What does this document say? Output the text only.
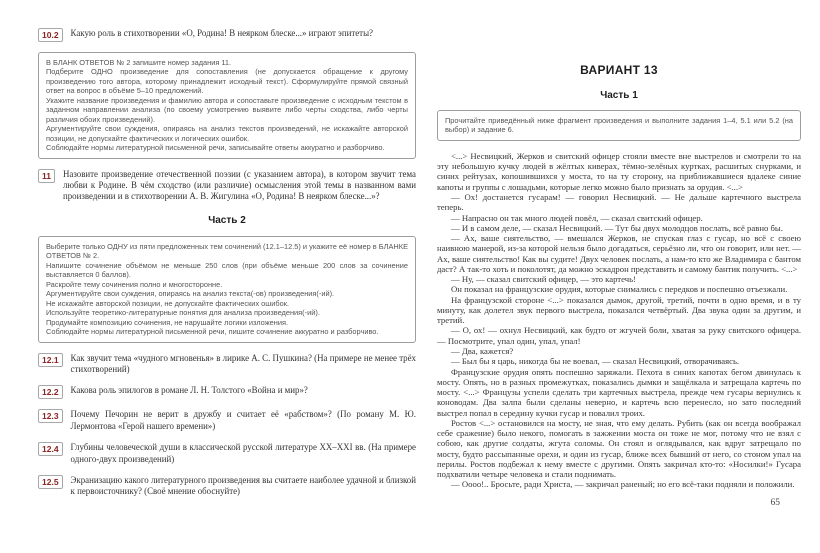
10.2	Какую роль в стихотворении «О, Родина! В неярком блеске...» играют эпитеты?

В БЛАНК ОТВЕТОВ № 2 запишите номер задания 11.

Подберите ОДНО произведение для сопоставления (не допускается обращение к другому произведению того автора, которому принадлежит исходный текст). Сформулируйте прямой связный ответ на вопрос в объёме 5–10 предложений.

Укажите название произведения и фамилию автора и сопоставьте произведение с исходным текстом в заданном направлении анализа (по своему усмотрению выявите либо черты сходства, либо черты различия обоих произведений).

Аргументируйте свои суждения, опираясь на анализ текстов произведений, не искажайте авторской позиции, не допускайте фактических и логических ошибок.

Соблюдайте нормы литературной письменной речи, записывайте ответы аккуратно и разборчиво.

11	Назовите произведение отечественной поэзии (с указанием автора), в котором звучит тема любви к Родине. В чём сходство (или различие) осмысления этой темы в названном вами произведении и в стихотворении А. В. Жигулина «О, Родина! В неярком блеске...»?

Часть 2

Выберите только ОДНУ из пяти предложенных тем сочинений (12.1–12.5) и укажите её номер в БЛАНКЕ ОТВЕТОВ № 2.

Напишите сочинение объёмом не меньше 250 слов (при объёме меньше 200 слов за сочинение выставляется 0 баллов).

Раскройте тему сочинения полно и многосторонне.

Аргументируйте свои суждения, опираясь на анализ текста(-ов) произведения(-ий).

Не искажайте авторской позиции, не допускайте фактических ошибок.

Используйте теоретико-литературные понятия для анализа произведения(-ий).

Продумайте композицию сочинения, не нарушайте логики изложения.

Соблюдайте нормы литературной письменной речи, пишите сочинение аккуратно и разборчиво.

12.1	Как звучит тема «чудного мгновенья» в лирике А. С. Пушкина? (На примере не менее трёх стихотворений)

12.2	Какова роль эпилогов в романе Л. Н. Толстого «Война и мир»?

12.3	Почему Печорин не верит в дружбу и считает её «рабством»? (По роману М. Ю. Лермонтова «Герой нашего времени»)

12.4	Глубины человеческой души в классической русской литературе XX–XXI вв. (На примере одного-двух произведений)

12.5	Экранизацию какого литературного произведения вы считаете наиболее удачной и близкой к первоисточнику? (Своё мнение обоснуйте)

ВАРИАНТ 13
Часть 1

Прочитайте приведённый ниже фрагмент произведения и выполните задания 1–4, 5.1 или 5.2 (на выбор) и задание 6.

<...> Несвицкий, Жерков и свитский офицер стояли вместе вне выстрелов и смотрели то на эту небольшую кучку людей в жёлтых киверах, тёмно-зелёных куртках, расшитых снурками, и синих рейтузах, копошившихся у моста, то на ту сторону, на приближавшиеся вдалеке синие капоты и группы с лошадьми, которые легко можно было признать за орудия. <...>

— Ох! достанется гусарам! — говорил Несвицкий. — Не дальше картечного выстрела теперь.

— Напрасно он так много людей повёл, — сказал свитский офицер.

— И в самом деле, — сказал Несвицкий. — Тут бы двух молодцов послать, всё равно бы.

— Ах, ваше сиятельство, — вмешался Жерков, не спуская глаз с гусар, но всё с своею наивною манерой, из-за которой нельзя было догадаться, серьёзно ли, что он говорит, или нет. — Ах, ваше сиятельство! Как вы судите! Двух человек послать, а нам-то кто же Владимира с бантом даст? А так-то хоть и поколотят, да можно эскадрон представить и самому бантик получить. <...>

— Ну, — сказал свитский офицер, — это картечь!

Он показал на французские орудия, которые снимались с передков и поспешно отъезжали.

На французской стороне <...> показался дымок, другой, третий, почти в одно время, и в ту минуту, как долетел звук первого выстрела, показался четвёртый. Два звука один за другим, и третий.

— О, ох! — охнул Несвицкий, как будто от жгучей боли, хватая за руку свитского офицера. — Посмотрите, упал один, упал, упал!

— Два, кажется?

— Был бы я царь, никогда бы не воевал, — сказал Несвицкий, отворачиваясь.

Французские орудия опять поспешно заряжали. Пехота в синих капотах бегом двинулась к мосту. Опять, но в разных промежутках, показались дымки и защёлкала и затрещала картечь по мосту. <...> Французы успели сделать три картечных выстрела, прежде чем гусары вернулись к коноводам. Два залпа были сделаны неверно, и картечь всю перенесло, но зато последний выстрел попал в середину кучки гусар и повалил троих.

Ростов <...> остановился на мосту, не зная, что ему делать. Рубить (как он всегда воображал себе сражение) было некого, помогать в зажжении моста он тоже не мог, потому что не взял с собою, как другие солдаты, жгута соломы. Он стоял и оглядывался, как вдруг затрещало по мосту, будто рассыпанные орехи, и один из гусар, ближе всех бывший от него, со стоном упал на перилы. Ростов подбежал к нему вместе с другими. Опять закричал кто-то: «Носилки!» Гусара подхватили четыре человека и стали поднимать.

— Оооо!.. Бросьте, ради Христа, — закричал раненый; но его всё-таки подняли и положили.

65
